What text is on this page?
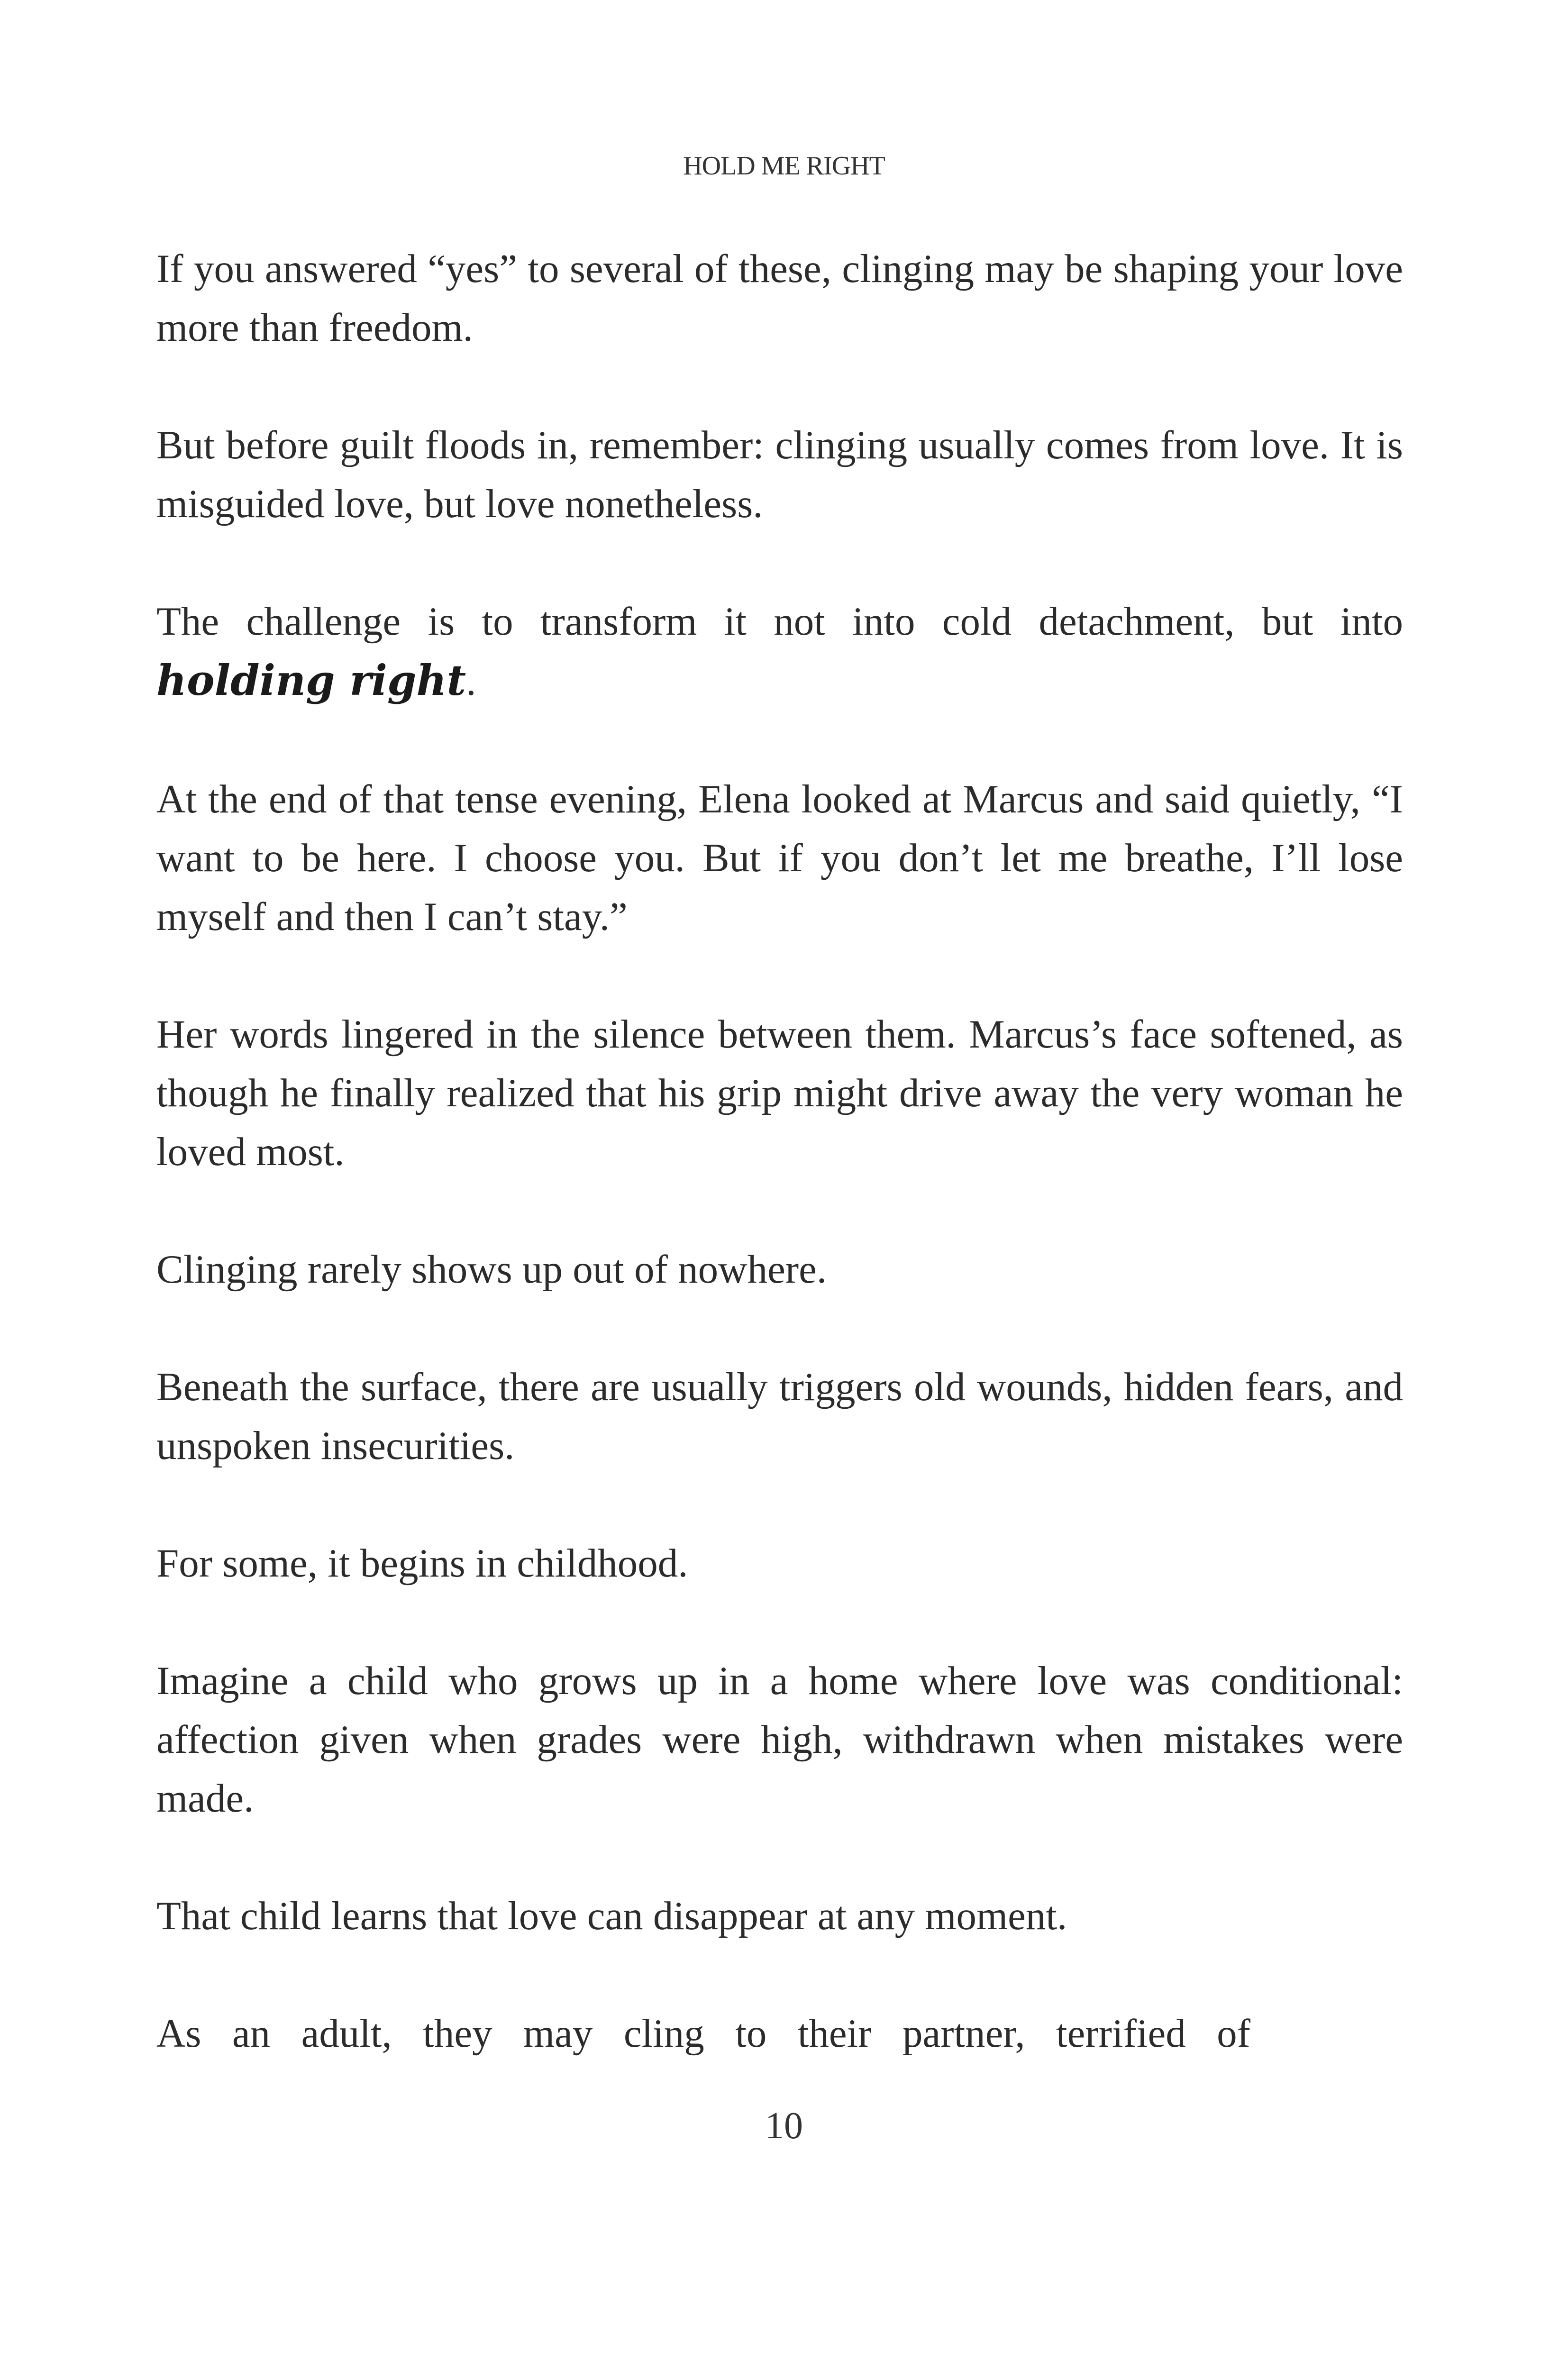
HOLD ME RIGHT

If you answered “yes” to several of these, clinging may be shaping your love more than freedom.

But before guilt floods in, remember: clinging usually comes from love. It is misguided love, but love nonetheless.

The challenge is to transform it not into cold detachment, but into holding right.

At the end of that tense evening, Elena looked at Marcus and said quietly, “I want to be here. I choose you. But if you don’t let me breathe, I’ll lose myself and then I can’t stay.”

Her words lingered in the silence between them. Marcus’s face softened, as though he finally realized that his grip might drive away the very woman he loved most.

Clinging rarely shows up out of nowhere.

Beneath the surface, there are usually triggers old wounds, hidden fears, and unspoken insecurities.

For some, it begins in childhood.

Imagine a child who grows up in a home where love was conditional: affection given when grades were high, withdrawn when mistakes were made.

That child learns that love can disappear at any moment.

As an adult, they may cling to their partner, terrified of

10
